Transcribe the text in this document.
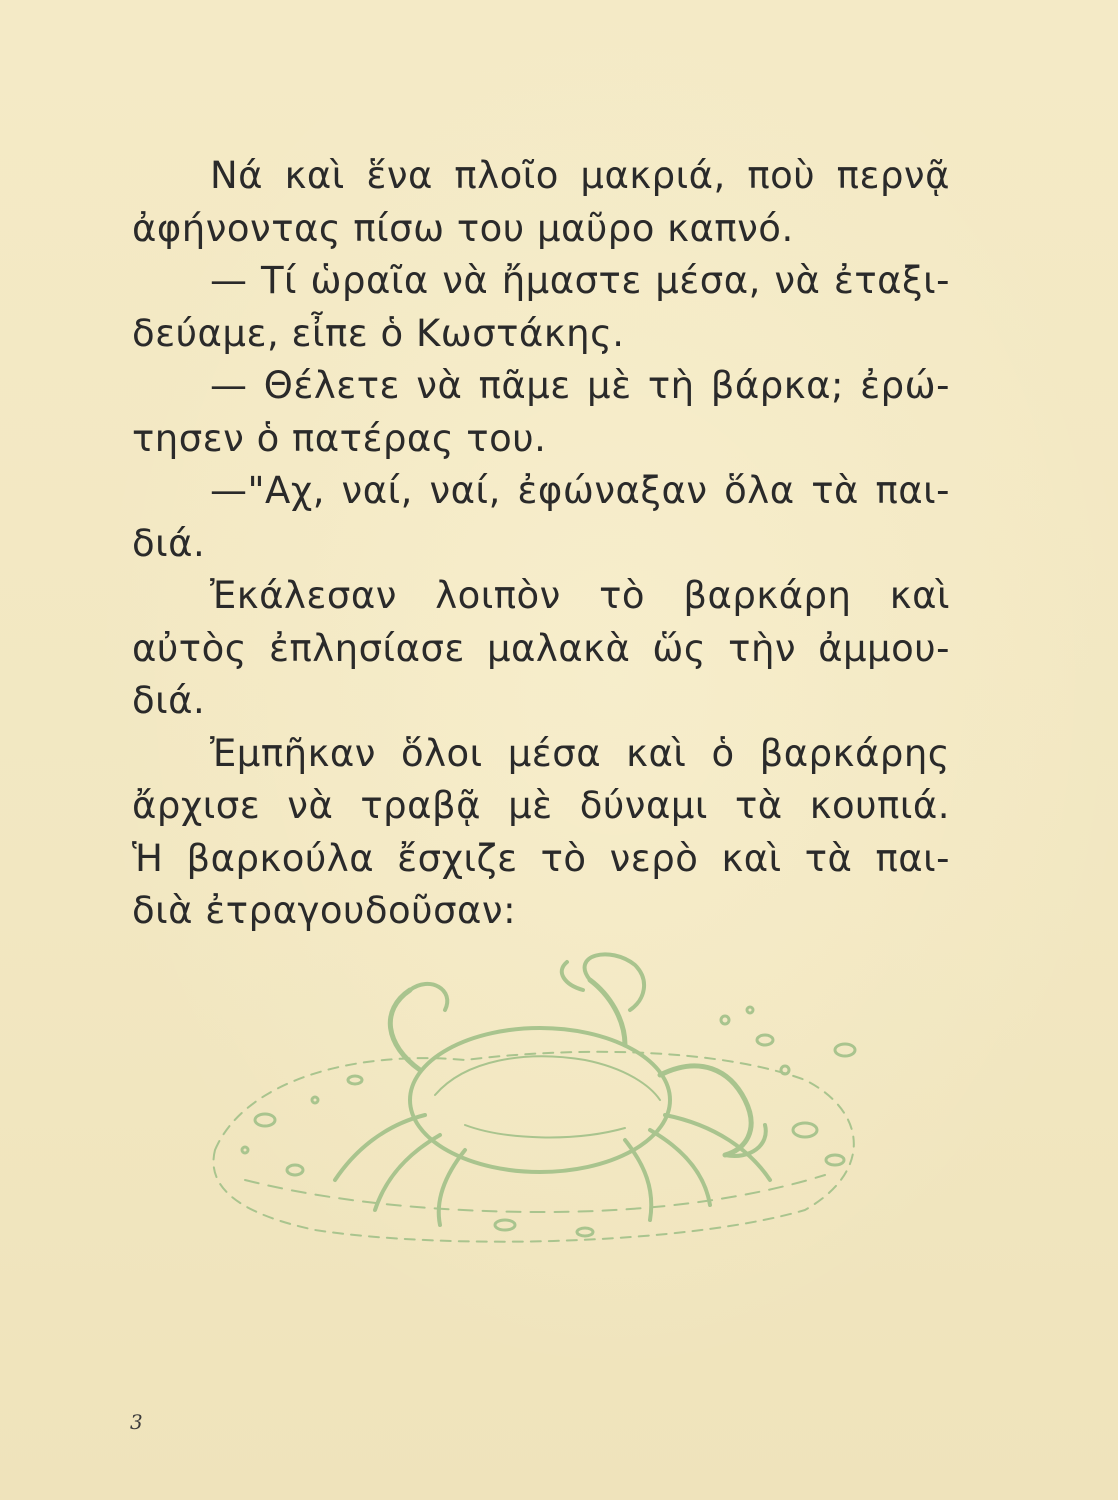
Νά καὶ ἕνα πλοῖο μακριά, ποὺ περνᾷ
ἀφήνοντας πίσω του μαῦρο καπνό.
— Τί ὡραῖα νὰ ἤμαστε μέσα, νὰ ἐταξι-
δεύαμε, εἶπε ὁ Κωστάκης.
— Θέλετε νὰ πᾶμε μὲ τὴ βάρκα; ἐρώ-
τησεν ὁ πατέρας του.
—"Αχ, ναί, ναί, ἐφώναξαν ὅλα τὰ παι-
διά.
Ἐκάλεσαν λοιπὸν τὸ βαρκάρη καὶ
αὐτὸς ἐπλησίασε μαλακὰ ὥς τὴν ἀμμου-
διά.
Ἐμπῆκαν ὅλοι μέσα καὶ ὁ βαρκάρης
ἄρχισε νὰ τραβᾷ μὲ δύναμι τὰ κουπιά.
Ἡ βαρκούλα ἔσχιζε τὸ νερὸ καὶ τὰ παι-
διὰ ἐτραγουδοῦσαν:
3
